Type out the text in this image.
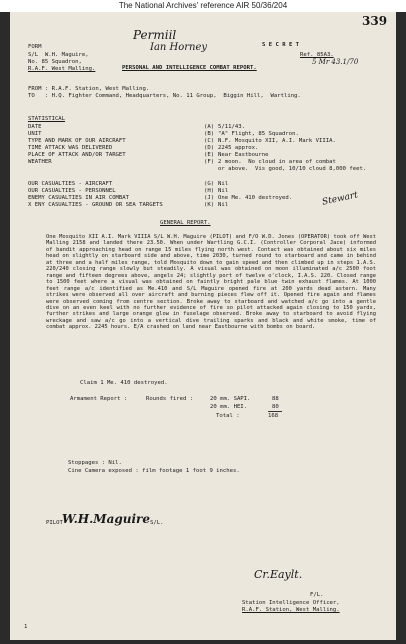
The National Archives' reference AIR 50/36/204
Permiil
Ian Horney
339
5 Mr 43.1/70
FORM
S/L  W.H. Maguire,
No. 85 Squadron,
R.A.F. West Malling.
S E C R E T
Ref. 85A3.
PERSONAL AND INTELLIGENCE COMBAT REPORT.
FROM : R.A.F. Station, West Malling.
TO   : H.Q. Fighter Command, Headquarters, No. 11 Group,  Biggin Hill,  Wartling.
STATISTICAL
DATE	(A) 5/11/43.
UNIT	(B) "A" Flight, 85 Squadron.
TYPE AND MARK OF OUR AIRCRAFT	(C) N.F. Mosquito XII, A.I. Mark VIIIA.
TIME ATTACK WAS DELIVERED	(D) 2245 approx.
PLACE OF ATTACK AND/OR TARGET	(E) Near Eastbourne
WEATHER	(F) 2 moon.  No cloud in area of combat
or above.  Vis good, 10/10 cloud 8,000 feet.
OUR CASUALTIES - AIRCRAFT	(G) Nil
OUR CASUALTIES - PERSONNEL	(H) Nil
ENEMY CASUALTIES IN AIR COMBAT	(J) One Me. 410 destroyed.
X ENY CASUALTIES - GROUND OR SEA TARGETS	(K) Nil	Stewart
GENERAL REPORT.

One Mosquito XII A.I. Mark VIIIA S/L W.H. Maguire (PILOT) and F/O W.D. Jones (OPERATOR) took off West Malling 2158 and landed there 23.50. When under Wartling G.C.I. (Controller Corporal Jace) informed of bandit approaching head on range 15 miles flying north west. Contact was obtained about six miles head on slightly on starboard side and above, time 2030, turned round to starboard and came in behind at three and a half miles range, told Mosquito down to gain speed and then climbed up in steps 1.A.S. 220/240 closing range slowly but steadily. A visual was obtained on moon illuminated a/c 2500 foot range and fifteen degrees above, angels 24; slightly port of twelve o'clock, I.A.S. 220. Closed range to 1500 feet where a visual was obtained on faintly bright pale blue twin exhaust flames. At 1000 feet range a/c identified as Me.410 and S/L Maguire opened fire at 200 yards dead astern. Many strikes were observed all over aircraft and burning pieces flew off it. Opened fire again and flames were observed coming from centre section. Broke away to starboard and watched a/c go into a gentle dive on an even keel with no further evidence of fire so pilot attacked again closing to 150 yards, further strikes and large orange glow in fuselage observed. Broke away to starboard to avoid flying wreckage and saw a/c go into a vertical dive trailing sparks and black and white smoke, time of combat approx. 2245 hours. E/A crashed on land near Eastbourne with bombs on board.

Claim 1 Me. 410 destroyed.
Armament Report :	Rounds fired :	20 mm. SAPI.	88
20 mm. HEI.	80
Total :	168
Stoppages : Nil.
Cine Camera exposed : film footage 1 foot 9 inches.
PILOT W.H.Maguire S/L.
Cr.Eaylt.
F/L.
Station Intelligence Officer,
R.A.F. Station, West Malling.
1
